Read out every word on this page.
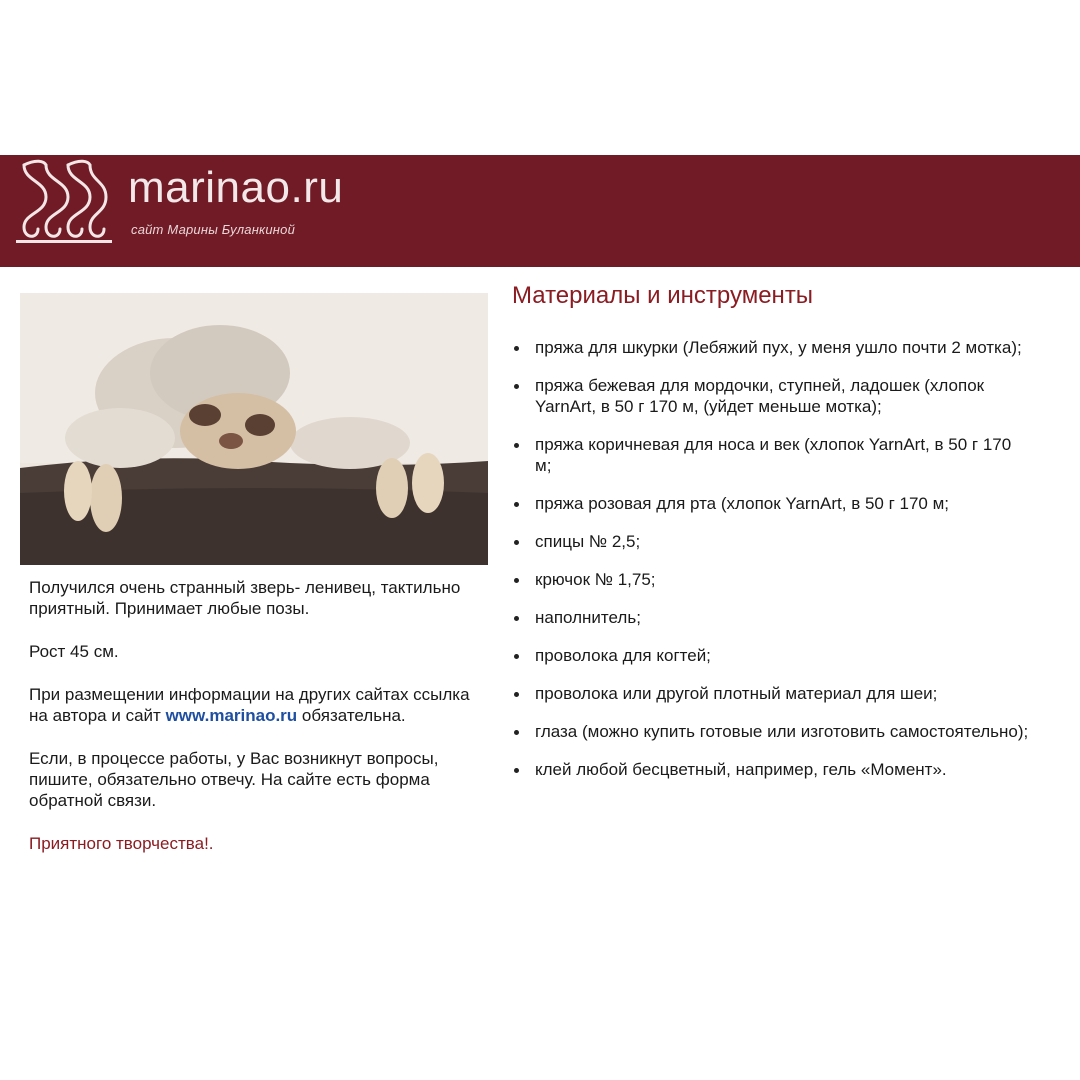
marinao.ru
сайт Марины Буланкиной

Получился очень странный зверь- ленивец, тактильно приятный. Принимает любые позы.

Рост 45 см.

При размещении информации на других сайтах ссылка на автора и сайт www.marinao.ru обязательна.

Если, в процессе работы, у Вас возникнут вопросы, пишите, обязательно отвечу. На сайте есть форма обратной связи.

Приятного творчества!.

Материалы и инструменты
пряжа для шкурки (Лебяжий пух, у меня ушло почти 2 мотка);
пряжа бежевая для мордочки, ступней, ладошек (хлопок YarnArt, в 50 г 170 м, (уйдет меньше мотка);
пряжа коричневая для носа и век (хлопок YarnArt, в 50 г 170 м;
пряжа розовая для рта (хлопок YarnArt, в 50 г 170 м;
спицы № 2,5;
крючок № 1,75;
наполнитель;
проволока для когтей;
проволока или другой плотный материал для шеи;
глаза (можно купить готовые или изготовить самостоятельно);
клей любой бесцветный, например, гель «Момент».
